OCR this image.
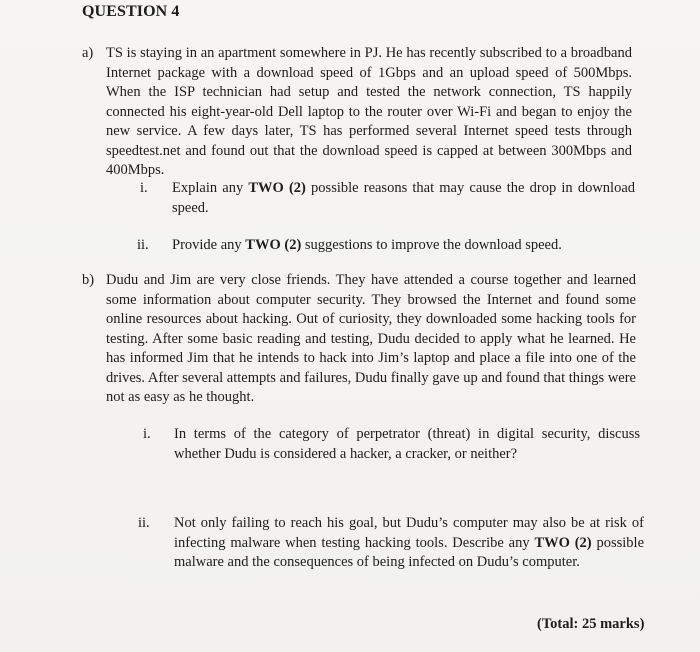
QUESTION 4
a) TS is staying in an apartment somewhere in PJ. He has recently subscribed to a broadband Internet package with a download speed of 1Gbps and an upload speed of 500Mbps. When the ISP technician had setup and tested the network connection, TS happily connected his eight-year-old Dell laptop to the router over Wi-Fi and began to enjoy the new service. A few days later, TS has performed several Internet speed tests through speedtest.net and found out that the download speed is capped at between 300Mbps and 400Mbps.
i. Explain any TWO (2) possible reasons that may cause the drop in download speed.
ii. Provide any TWO (2) suggestions to improve the download speed.
b) Dudu and Jim are very close friends. They have attended a course together and learned some information about computer security. They browsed the Internet and found some online resources about hacking. Out of curiosity, they downloaded some hacking tools for testing. After some basic reading and testing, Dudu decided to apply what he learned. He has informed Jim that he intends to hack into Jim’s laptop and place a file into one of the drives. After several attempts and failures, Dudu finally gave up and found that things were not as easy as he thought.
i. In terms of the category of perpetrator (threat) in digital security, discuss whether Dudu is considered a hacker, a cracker, or neither?
ii. Not only failing to reach his goal, but Dudu’s computer may also be at risk of infecting malware when testing hacking tools. Describe any TWO (2) possible malware and the consequences of being infected on Dudu’s computer.
(Total: 25 marks)
